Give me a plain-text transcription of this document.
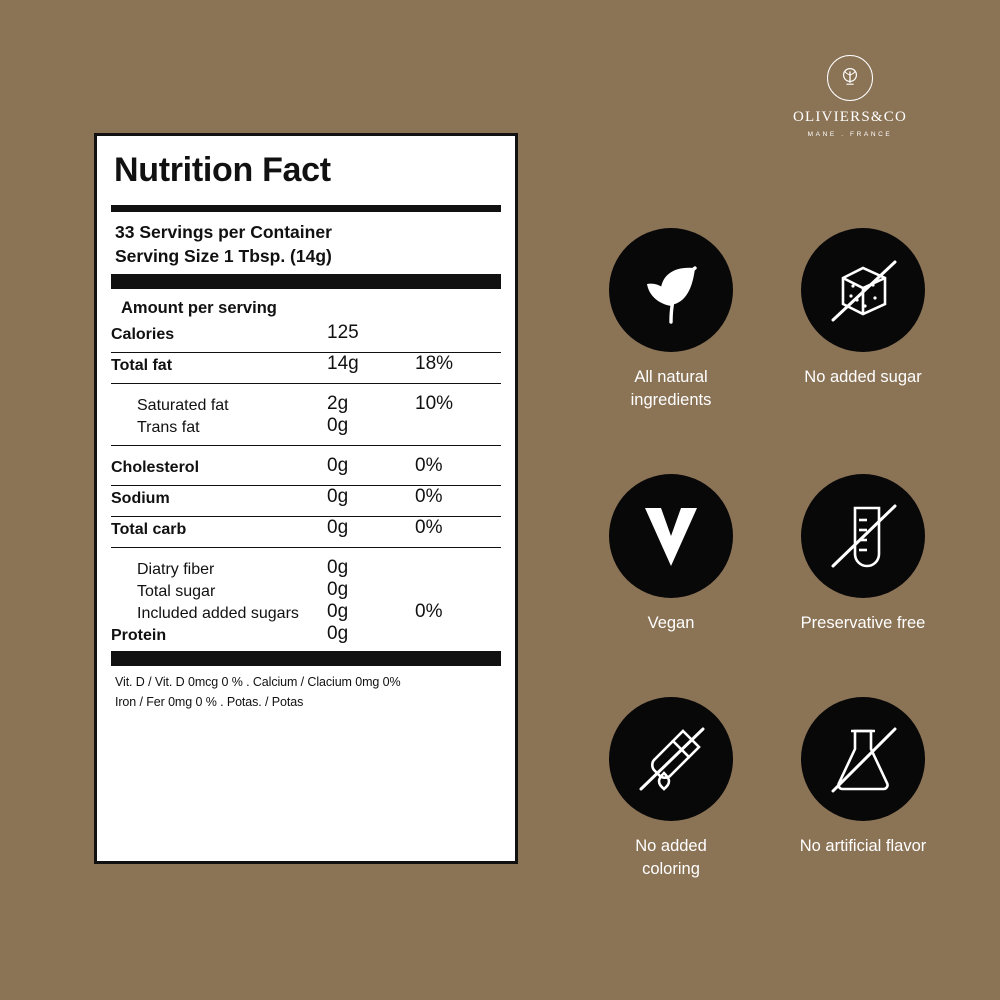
OLIVIERS&CO
MANE . FRANCE
Nutrition Fact
33 Servings per Container
Serving Size 1 Tbsp. (14g)
Amount per serving
Calories	125	

Total fat	14g	18%

Saturated fat	2g	10%
Trans fat	0g	

Cholesterol	0g	0%

Sodium	0g	0%

Total carb	0g	0%

Diatry fiber	0g	
Total sugar	0g	
Included added sugars	0g	0%
Protein	0g	
Vit. D / Vit. D 0mcg 0 % . Calcium / Clacium 0mg 0%
Iron / Fer 0mg 0 % . Potas. / Potas
All natural
ingredients
No added sugar
Vegan	Preservative free
No added
coloring
No artificial flavor
